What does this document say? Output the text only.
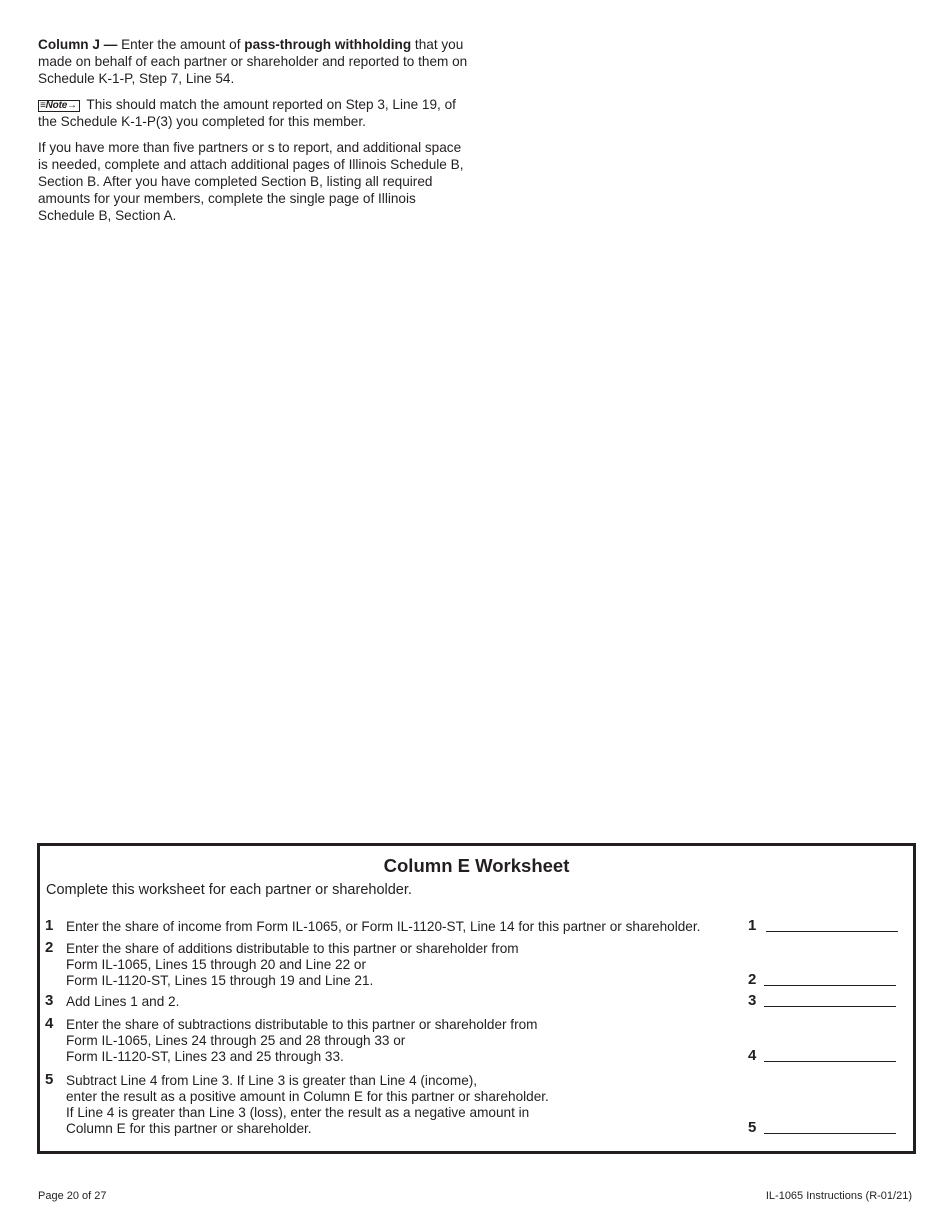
Column J — Enter the amount of pass-through withholding that you made on behalf of each partner or shareholder and reported to them on Schedule K-1-P, Step 7, Line 54.

≡Note→ This should match the amount reported on Step 3, Line 19, of the Schedule K-1-P(3) you completed for this member.

If you have more than five partners or s to report, and additional space is needed, complete and attach additional pages of Illinois Schedule B, Section B. After you have completed Section B, listing all required amounts for your members, complete the single page of Illinois Schedule B, Section A.

Column E Worksheet
Complete this worksheet for each partner or shareholder.
1 Enter the share of income from Form IL-1065, or Form IL-1120-ST, Line 14 for this partner or shareholder.	1
2 Enter the share of additions distributable to this partner or shareholder from
Form IL-1065, Lines 15 through 20 and Line 22 or
Form IL-1120-ST, Lines 15 through 19 and Line 21.	2
3 Add Lines 1 and 2.	3
4 Enter the share of subtractions distributable to this partner or shareholder from
Form IL-1065, Lines 24 through 25 and 28 through 33 or
Form IL-1120-ST, Lines 23 and 25 through 33.	4
5 Subtract Line 4 from Line 3. If Line 3 is greater than Line 4 (income),
enter the result as a positive amount in Column E for this partner or shareholder.
If Line 4 is greater than Line 3 (loss), enter the result as a negative amount in
Column E for this partner or shareholder.	5
Page 20 of 27	IL-1065 Instructions (R-01/21)
